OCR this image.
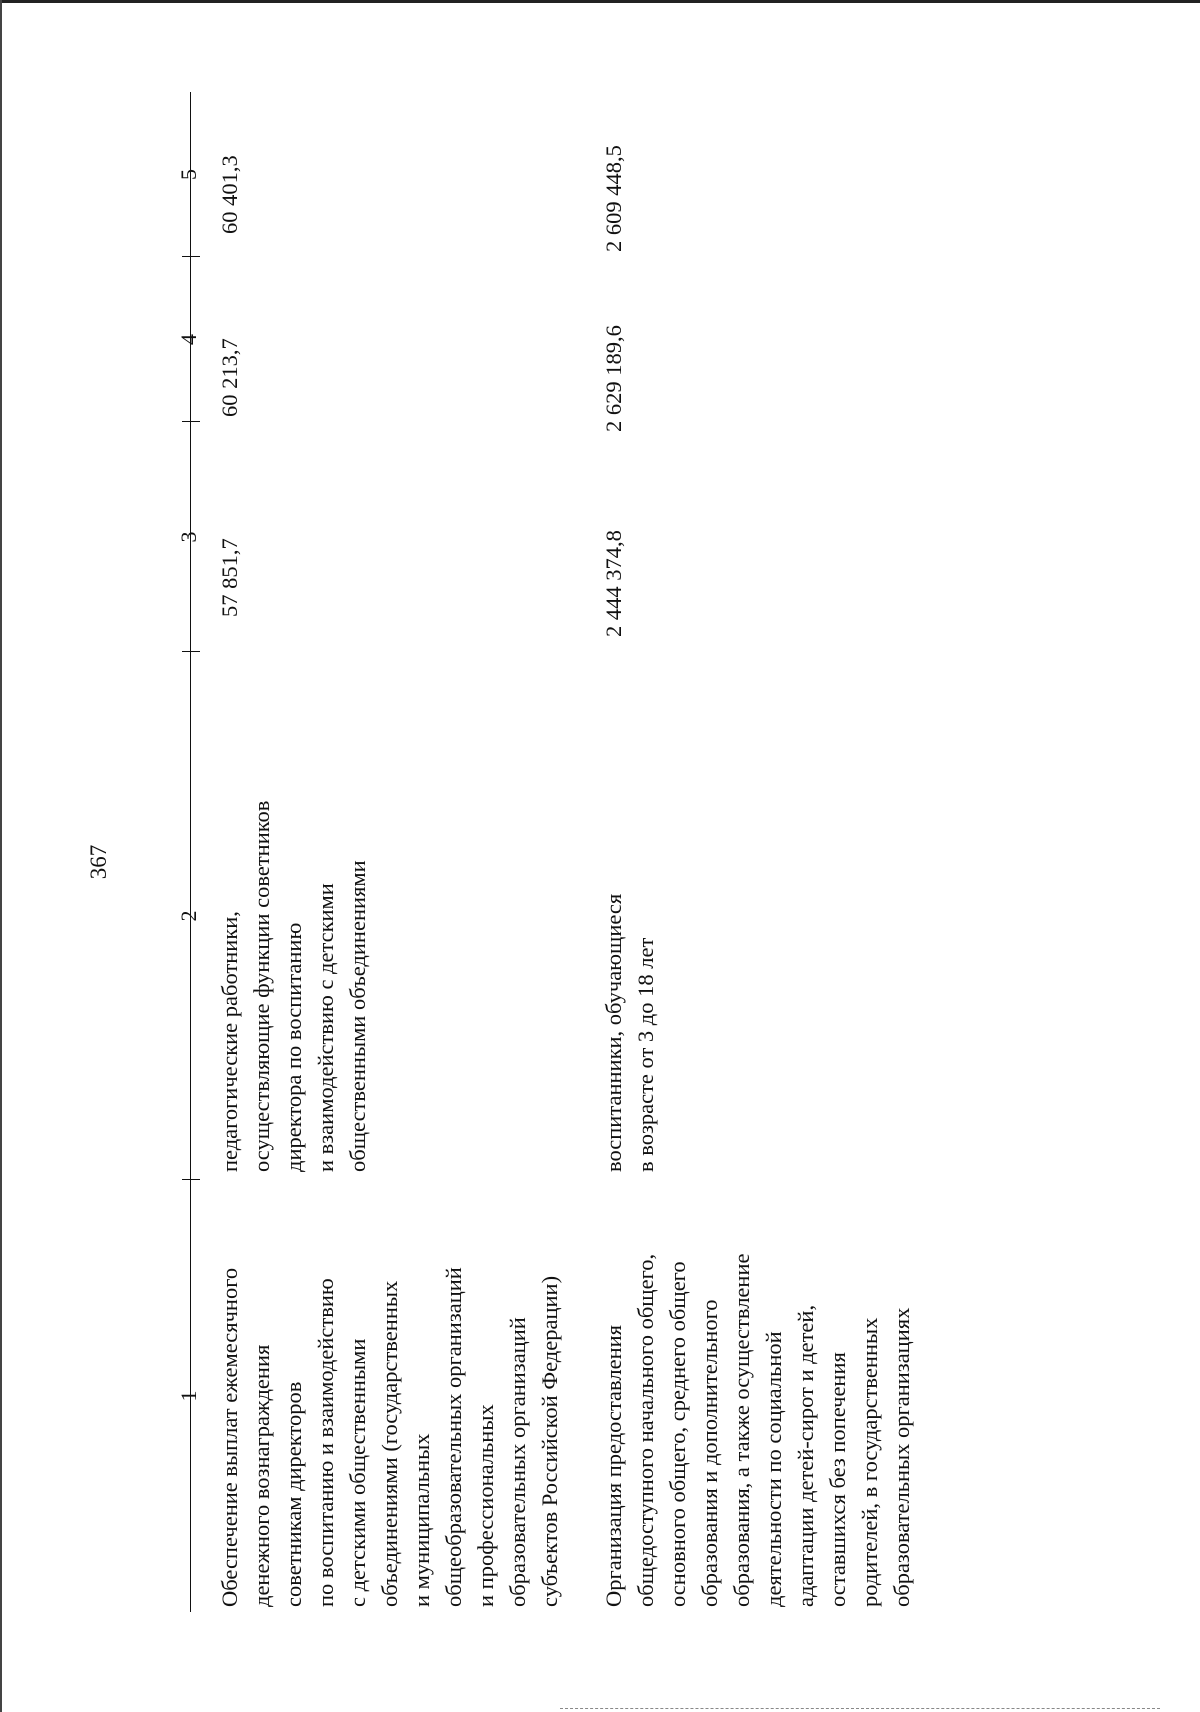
367
1
2
3
4
5
Обеспечение выплат ежемесячного денежного вознаграждения советникам директоров по воспитанию и взаимодействию с детскими общественными объединениями (государственных и муниципальных общеобразовательных организаций и профессиональных образовательных организаций субъектов Российской Федерации)
педагогические работники, осуществляющие функции советников директора по воспитанию и взаимодействию с детскими общественными объединениями
57 851,7
60 213,7
60 401,3
Организация предоставления общедоступного начального общего, основного общего, среднего общего образования и дополнительного образования, а также осуществление деятельности по социальной адаптации детей-сирот и детей, оставшихся без попечения родителей, в государственных образовательных организациях
воспитанники, обучающиеся в возрасте от 3 до 18 лет
2 444 374,8
2 629 189,6
2 609 448,5
